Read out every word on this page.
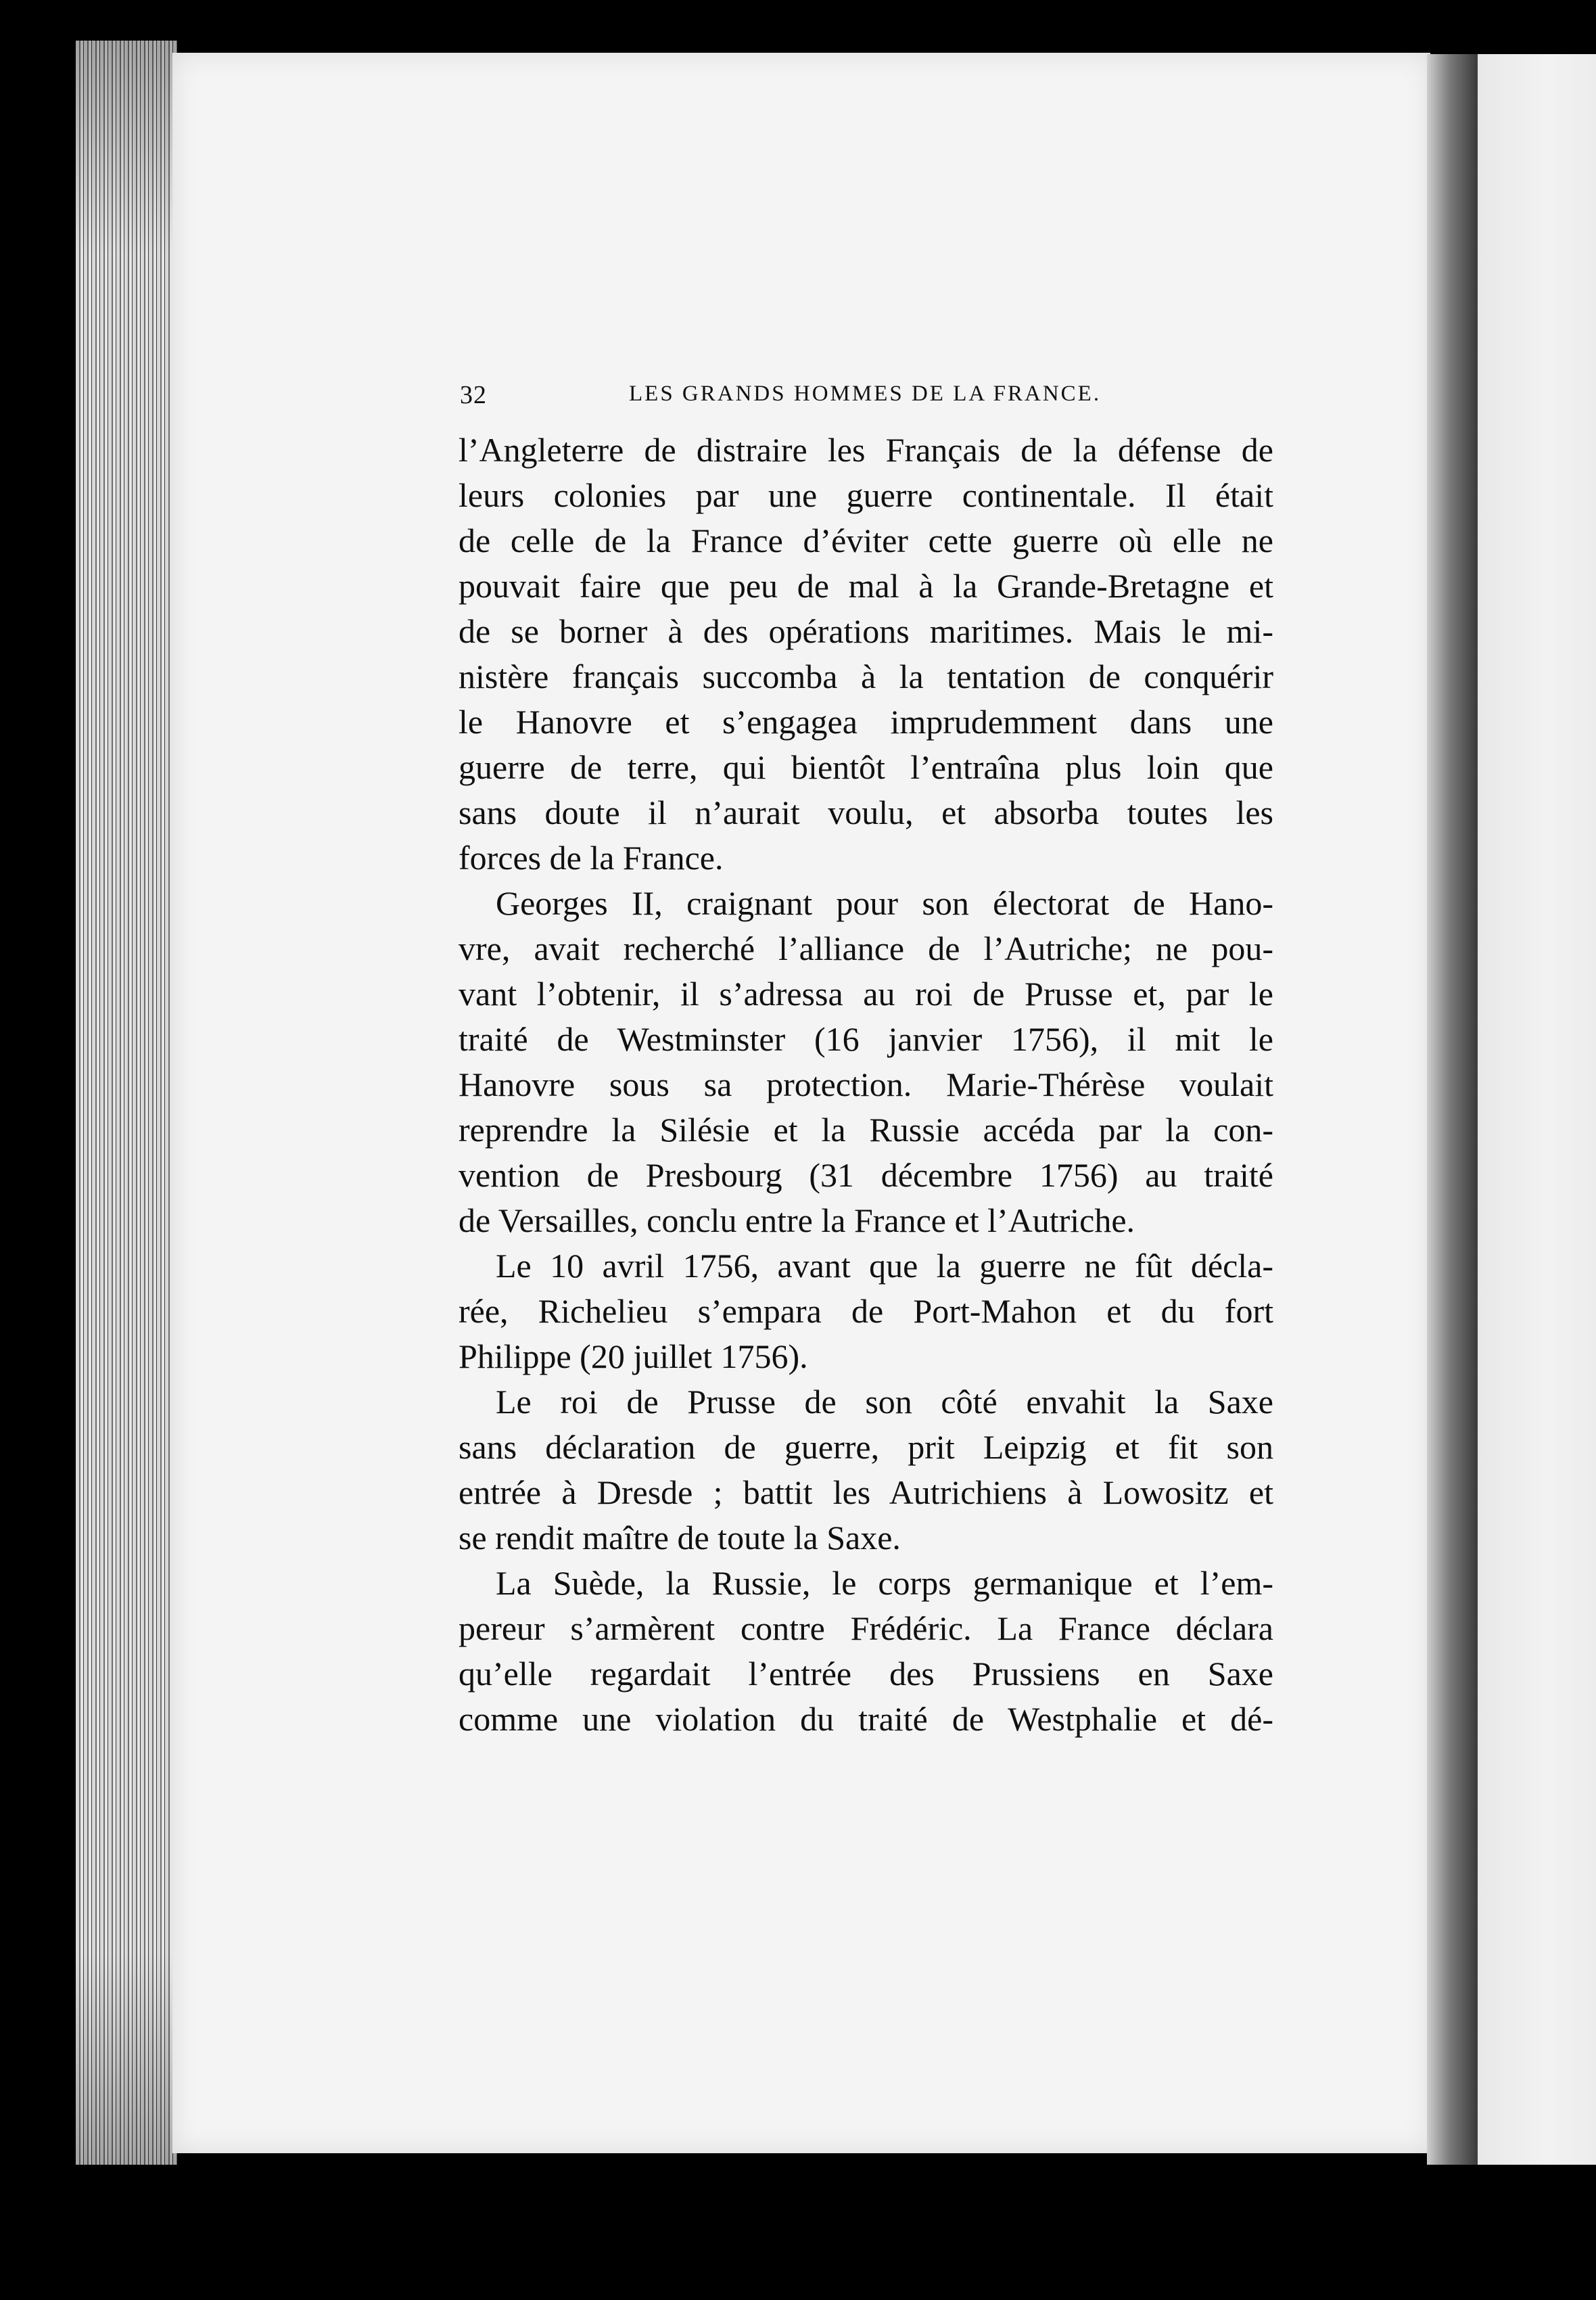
32	LES GRANDS HOMMES DE LA FRANCE.
l’Angleterre de distraire les Français de la défense de
leurs colonies par une guerre continentale. Il était
de celle de la France d’éviter cette guerre où elle ne
pouvait faire que peu de mal à la Grande-Bretagne et
de se borner à des opérations maritimes. Mais le mi-
nistère français succomba à la tentation de conquérir
le Hanovre et s’engagea imprudemment dans une
guerre de terre, qui bientôt l’entraîna plus loin que
sans doute il n’aurait voulu, et absorba toutes les
forces de la France.
Georges II, craignant pour son électorat de Hano-
vre, avait recherché l’alliance de l’Autriche; ne pou-
vant l’obtenir, il s’adressa au roi de Prusse et, par le
traité de Westminster (16 janvier 1756), il mit le
Hanovre sous sa protection. Marie-Thérèse voulait
reprendre la Silésie et la Russie accéda par la con-
vention de Presbourg (31 décembre 1756) au traité
de Versailles, conclu entre la France et l’Autriche.
Le 10 avril 1756, avant que la guerre ne fût décla-
rée, Richelieu s’empara de Port-Mahon et du fort
Philippe (20 juillet 1756).
Le roi de Prusse de son côté envahit la Saxe
sans déclaration de guerre, prit Leipzig et fit son
entrée à Dresde ; battit les Autrichiens à Lowositz et
se rendit maître de toute la Saxe.
La Suède, la Russie, le corps germanique et l’em-
pereur s’armèrent contre Frédéric. La France déclara
qu’elle regardait l’entrée des Prussiens en Saxe
comme une violation du traité de Westphalie et dé-
